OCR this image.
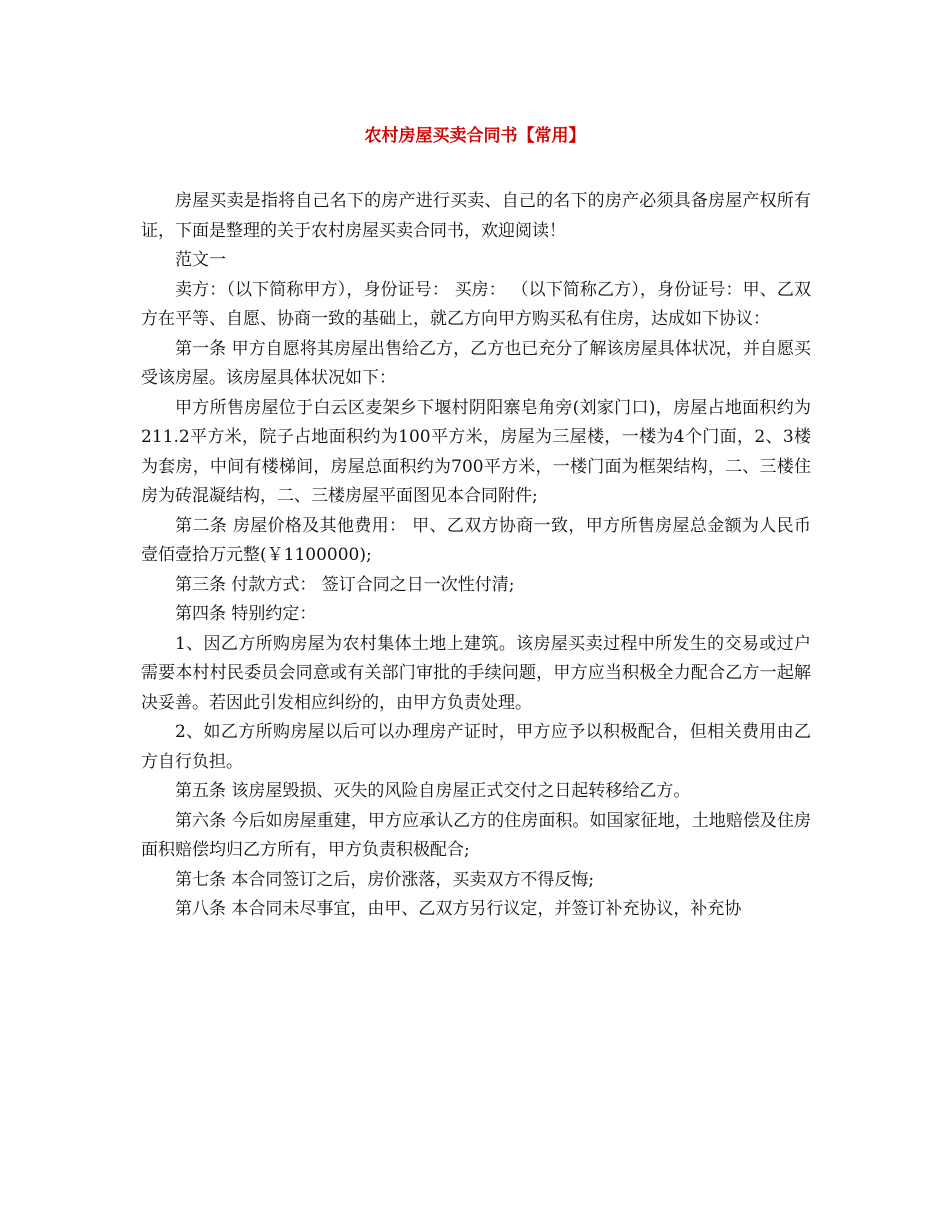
农村房屋买卖合同书【常用】

房屋买卖是指将自己名下的房产进行买卖、自己的名下的房产必须具备房屋产权所有证，下面是整理的关于农村房屋买卖合同书，欢迎阅读！

范文一

卖方：（以下简称甲方），身份证号： 买房： （以下简称乙方），身份证号：甲、乙双方在平等、自愿、协商一致的基础上，就乙方向甲方购买私有住房，达成如下协议：

第一条 甲方自愿将其房屋出售给乙方，乙方也已充分了解该房屋具体状况，并自愿买受该房屋。该房屋具体状况如下：

甲方所售房屋位于白云区麦架乡下堰村阴阳寨皂角旁(刘家门口)，房屋占地面积约为211.2平方米，院子占地面积约为100平方米，房屋为三屋楼，一楼为4个门面，2、3楼为套房，中间有楼梯间，房屋总面积约为700平方米，一楼门面为框架结构，二、三楼住房为砖混凝结构，二、三楼房屋平面图见本合同附件;

第二条 房屋价格及其他费用： 甲、乙双方协商一致，甲方所售房屋总金额为人民币壹佰壹拾万元整(￥1100000);

第三条 付款方式： 签订合同之日一次性付清;

第四条 特别约定：

1、因乙方所购房屋为农村集体土地上建筑。该房屋买卖过程中所发生的交易或过户需要本村村民委员会同意或有关部门审批的手续问题，甲方应当积极全力配合乙方一起解决妥善。若因此引发相应纠纷的，由甲方负责处理。

2、如乙方所购房屋以后可以办理房产证时，甲方应予以积极配合，但相关费用由乙方自行负担。

第五条 该房屋毁损、灭失的风险自房屋正式交付之日起转移给乙方。

第六条 今后如房屋重建，甲方应承认乙方的住房面积。如国家征地，土地赔偿及住房面积赔偿均归乙方所有，甲方负责积极配合;

第七条 本合同签订之后，房价涨落，买卖双方不得反悔;

第八条 本合同未尽事宜，由甲、乙双方另行议定，并签订补充协议，补充协
